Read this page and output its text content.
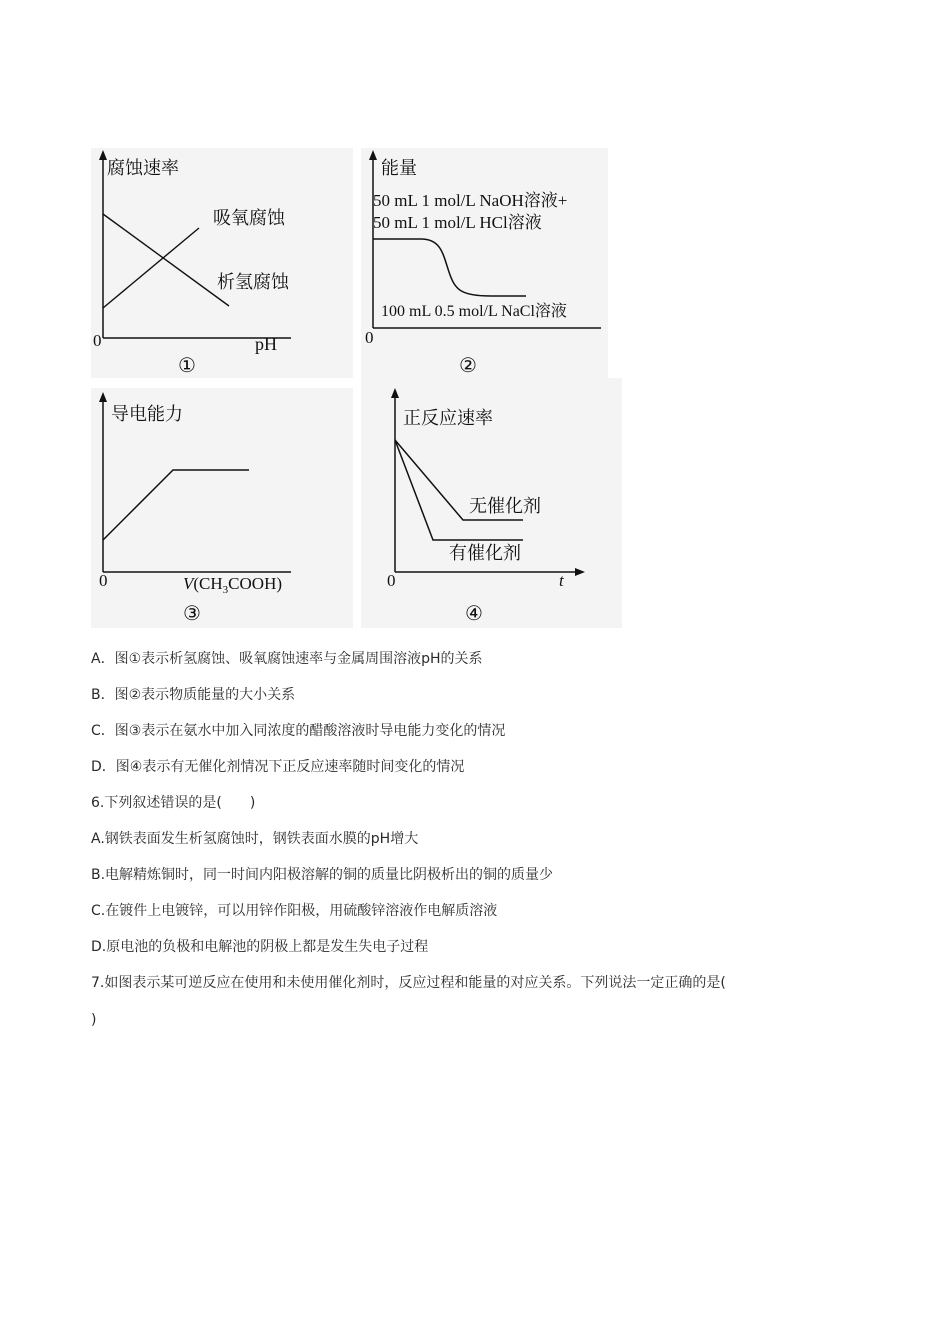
腐蚀速率
吸氧腐蚀
析氢腐蚀
0	pH
①
能量
50 mL 1 mol/L NaOH溶液+
50 mL 1 mol/L HCl溶液
100 mL 0.5 mol/L NaCl溶液
0
②
导电能力
0	$V(CH_3COOH)$
③
正反应速率
无催化剂
有催化剂
0	t
④
A．图①表示析氢腐蚀、吸氧腐蚀速率与金属周围溶液pH的关系
B．图②表示物质能量的大小关系
C．图③表示在氨水中加入同浓度的醋酸溶液时导电能力变化的情况
D．图④表示有无催化剂情况下正反应速率随时间变化的情况
6.下列叙述错误的是(　　)
A.钢铁表面发生析氢腐蚀时，钢铁表面水膜的pH增大
B.电解精炼铜时，同一时间内阳极溶解的铜的质量比阴极析出的铜的质量少
C.在镀件上电镀锌，可以用锌作阳极，用硫酸锌溶液作电解质溶液
D.原电池的负极和电解池的阴极上都是发生失电子过程
7.如图表示某可逆反应在使用和未使用催化剂时，反应过程和能量的对应关系。下列说法一定正确的是(
)
